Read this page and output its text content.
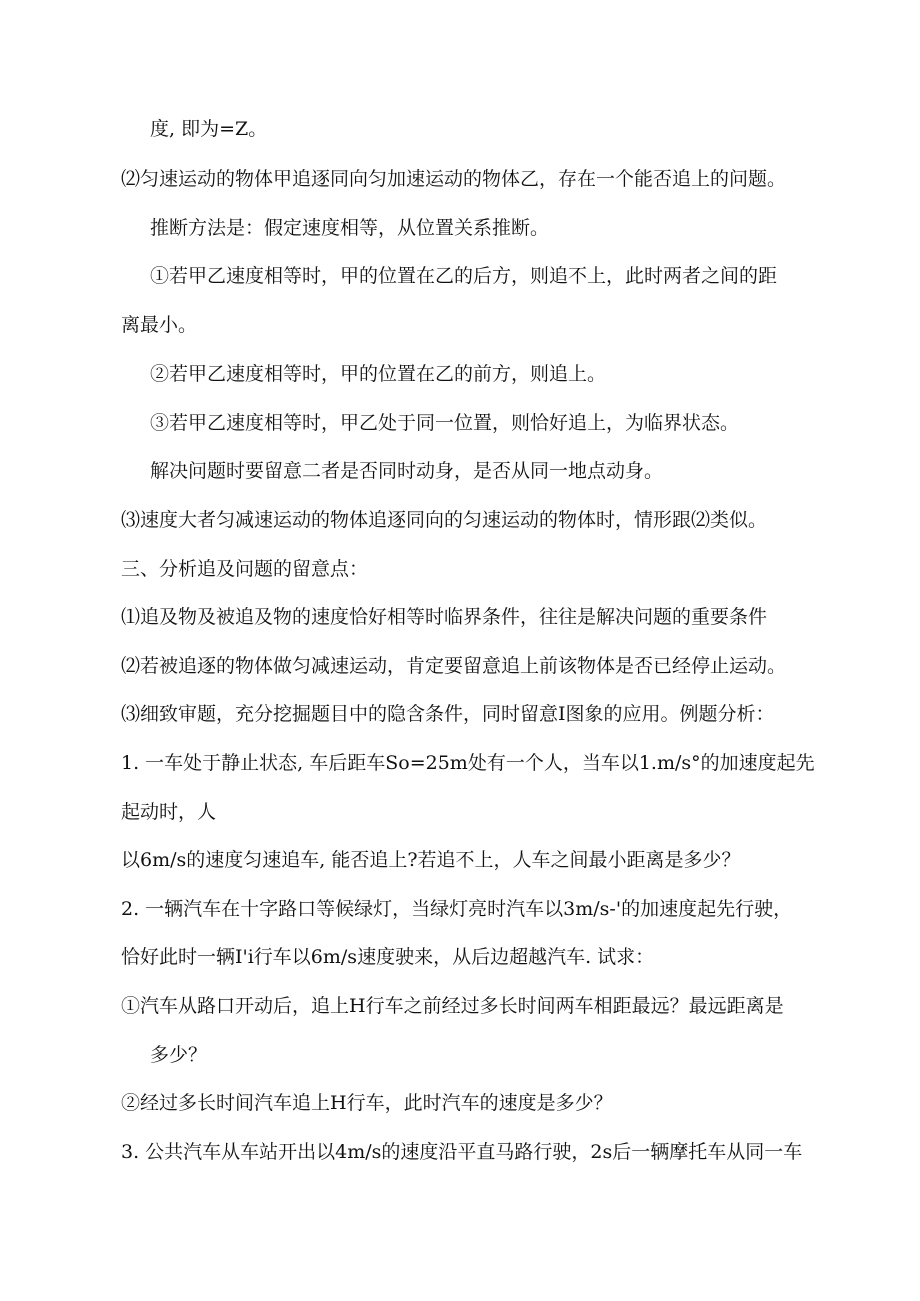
度, 即为=Z。
⑵匀速运动的物体甲追逐同向匀加速运动的物体乙，存在一个能否追上的问题。
推断方法是：假定速度相等，从位置关系推断。
①若甲乙速度相等时，甲的位置在乙的后方，则追不上，此时两者之间的距
离最小。
②若甲乙速度相等时，甲的位置在乙的前方，则追上。
③若甲乙速度相等时，甲乙处于同一位置，则恰好追上，为临界状态。
解决问题时要留意二者是否同时动身，是否从同一地点动身。
⑶速度大者匀减速运动的物体追逐同向的匀速运动的物体时，情形跟⑵类似。
三、分析追及问题的留意点：
⑴追及物及被追及物的速度恰好相等时临界条件，往往是解决问题的重要条件
⑵若被追逐的物体做匀减速运动，肯定要留意追上前该物体是否已经停止运动。
⑶细致审题，充分挖掘题目中的隐含条件，同时留意I图象的应用。例题分析：
1. 一车处于静止状态, 车后距车So=25m处有一个人，当车以1.m∕s°的加速度起先
起动时，人
以6m∕s的速度匀速追车, 能否追上?若追不上，人车之间最小距离是多少？
2. 一辆汽车在十字路口等候绿灯，当绿灯亮时汽车以3m∕s-'的加速度起先行驶，
恰好此时一辆I'i行车以6m/s速度驶来，从后边超越汽车. 试求：
①汽车从路口开动后，追上H行车之前经过多长时间两车相距最远？最远距离是
多少？
②经过多长时间汽车追上H行车，此时汽车的速度是多少？
3. 公共汽车从车站开出以4m∕s的速度沿平直马路行驶，2s后一辆摩托车从同一车
